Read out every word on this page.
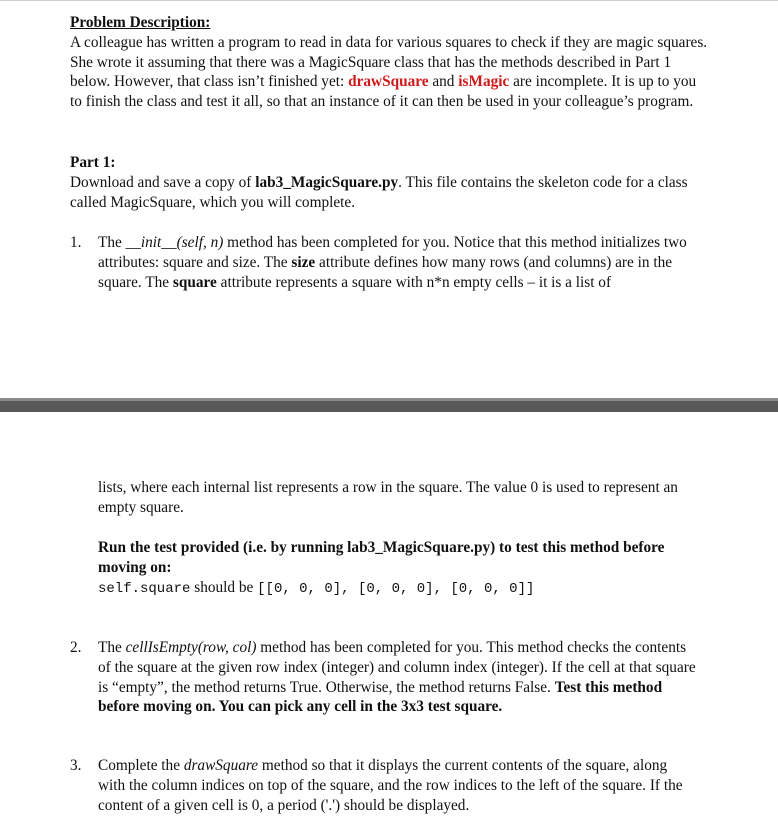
Problem Description:

A colleague has written a program to read in data for various squares to check if they are magic squares. She wrote it assuming that there was a MagicSquare class that has the methods described in Part 1 below. However, that class isn’t finished yet: drawSquare and isMagic are incomplete. It is up to you to finish the class and test it all, so that an instance of it can then be used in your colleague’s program.

Part 1:

Download and save a copy of lab3_MagicSquare.py. This file contains the skeleton code for a class called MagicSquare, which you will complete.

1.	The __init__(self, n) method has been completed for you. Notice that this method initializes two attributes: square and size. The size attribute defines how many rows (and columns) are in the square. The square attribute represents a square with n*n empty cells – it is a list of

lists, where each internal list represents a row in the square. The value 0 is used to represent an empty square.

Run the test provided (i.e. by running lab3_MagicSquare.py) to test this method before moving on:

self.square should be [[0, 0, 0], [0, 0, 0], [0, 0, 0]]

2.	The cellIsEmpty(row, col) method has been completed for you. This method checks the contents of the square at the given row index (integer) and column index (integer). If the cell at that square is “empty”, the method returns True. Otherwise, the method returns False. Test this method before moving on. You can pick any cell in the 3x3 test square.

3.	Complete the drawSquare method so that it displays the current contents of the square, along with the column indices on top of the square, and the row indices to the left of the square. If the content of a given cell is 0, a period ('.') should be displayed.
